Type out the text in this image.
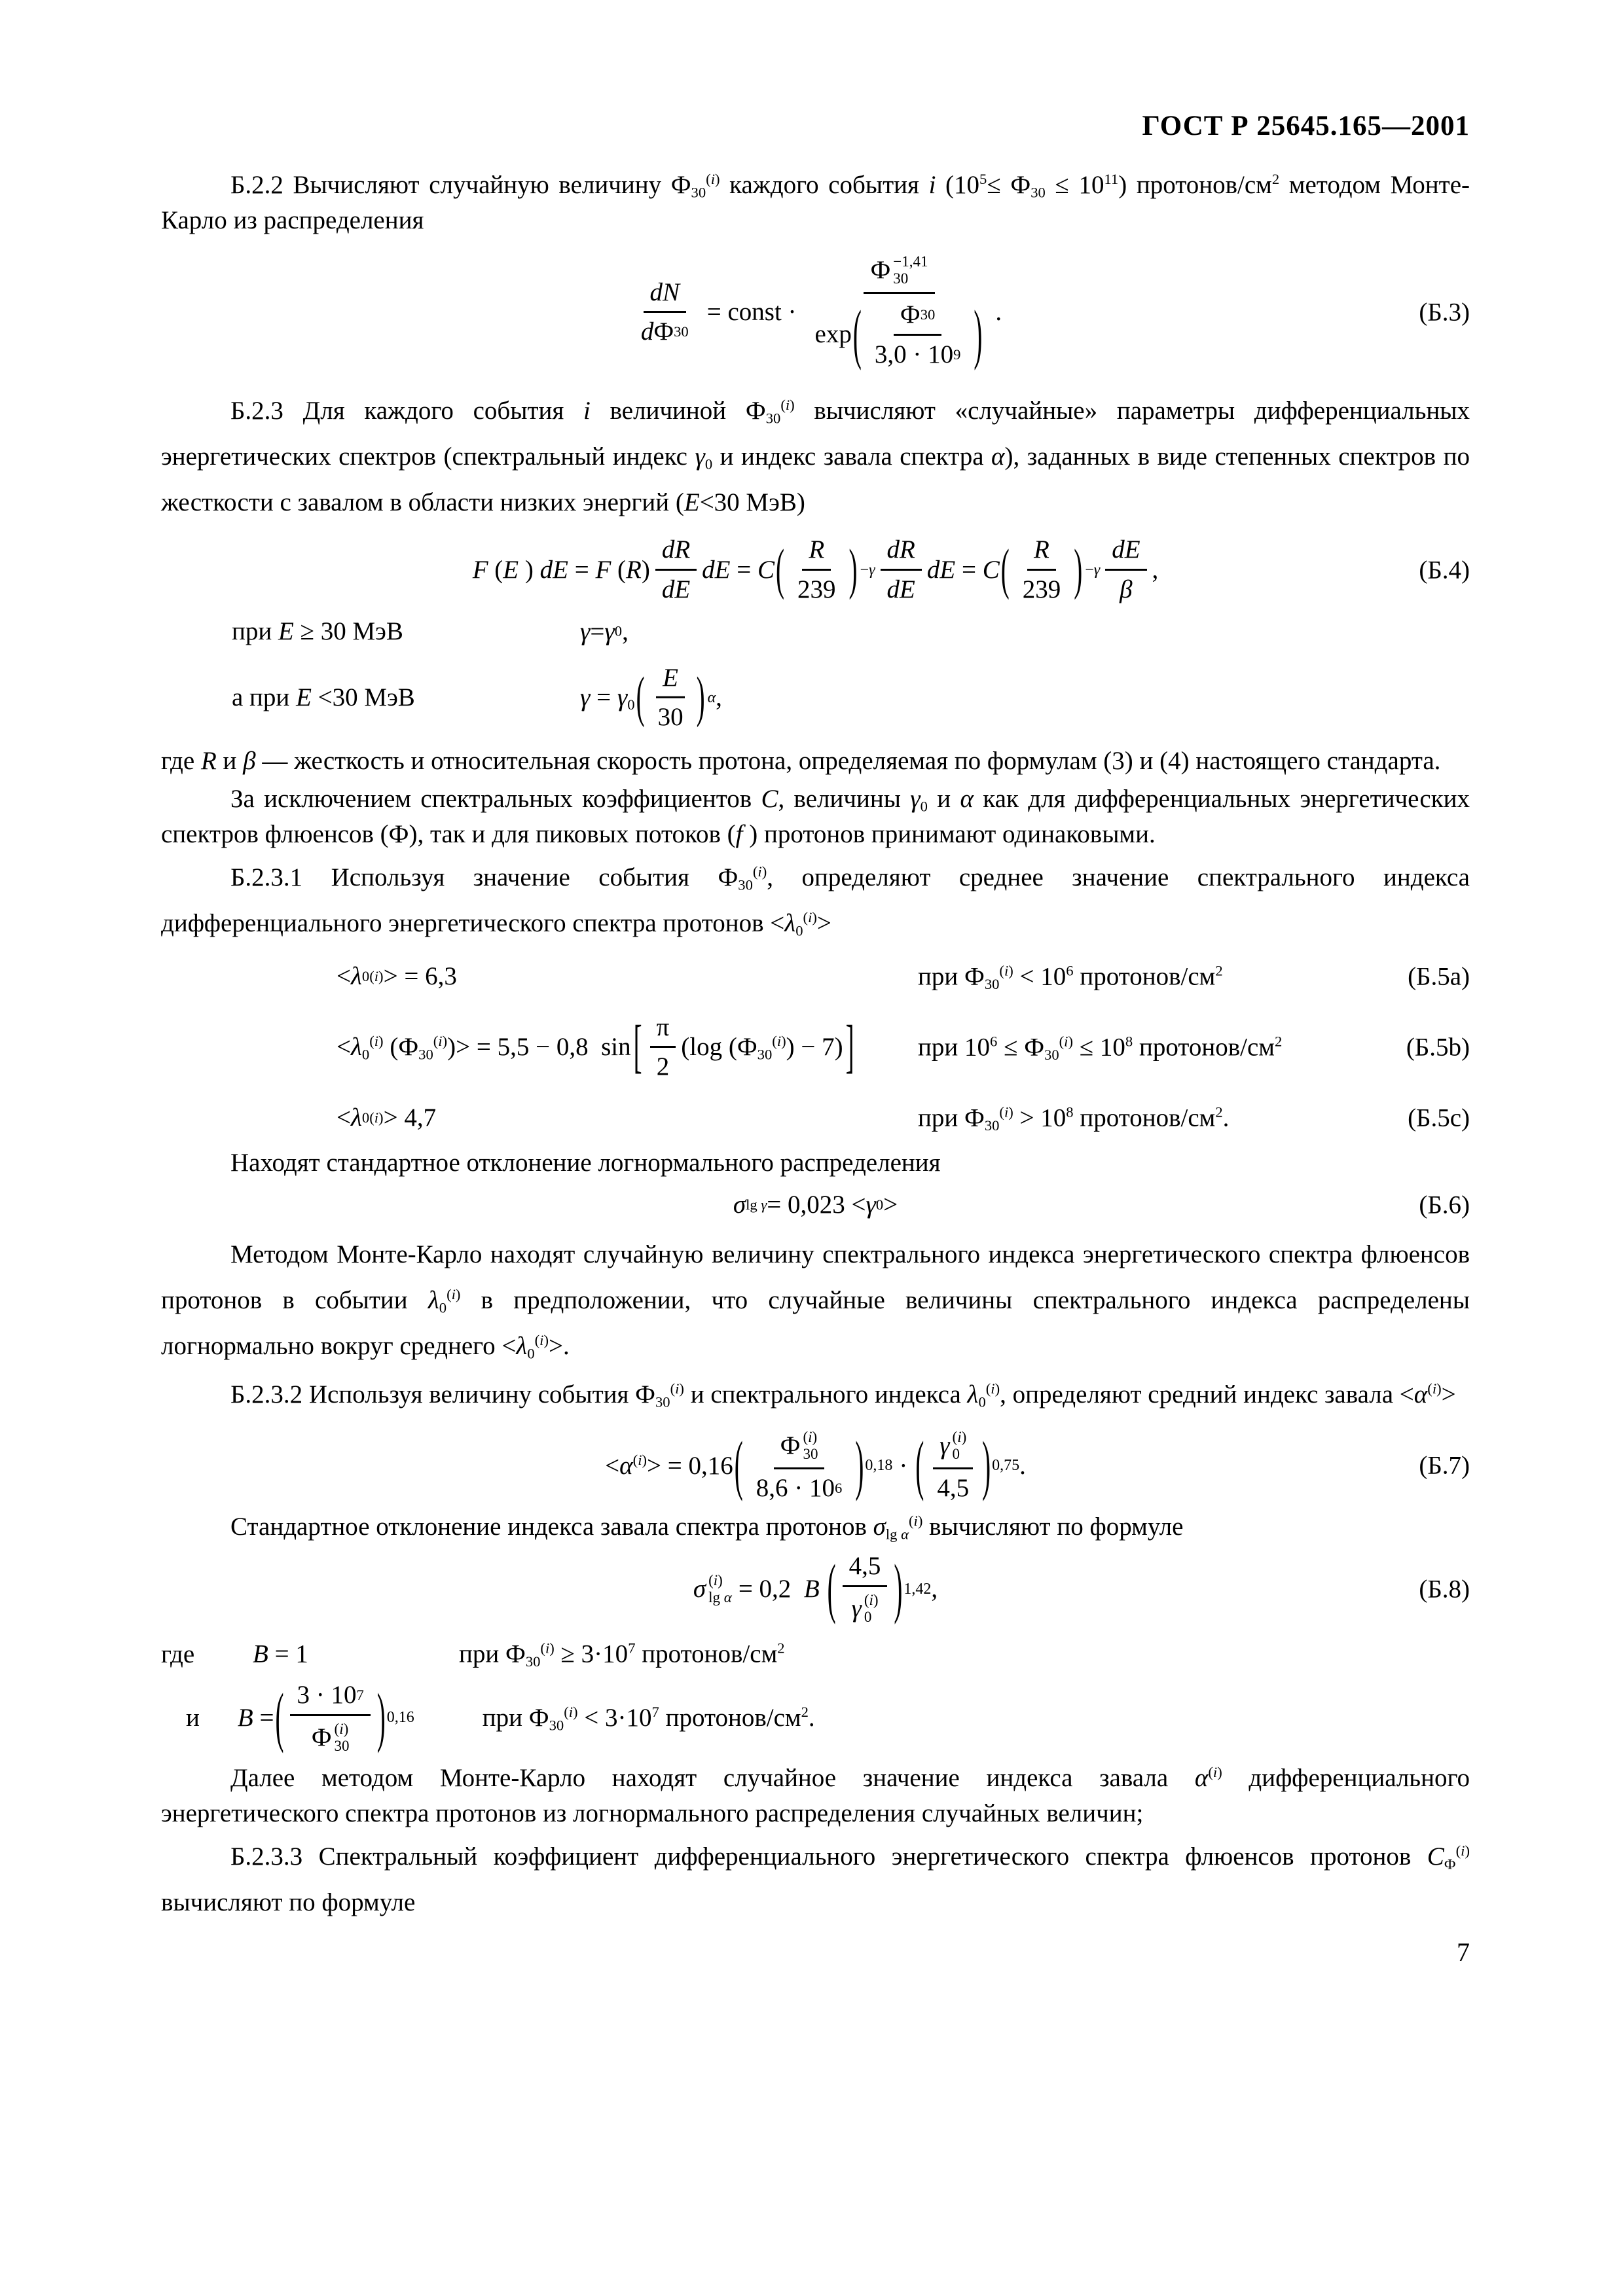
ГОСТ Р 25645.165—2001

Б.2.2 Вычисляют случайную величину $Ф_{30}^{(i)}$ каждого события i $(10^5\le Ф_{30} \le 10^{11})$ протонов/$см^2$ методом Монте-Карло из распределения

$\frac{dN}{\text{d Ф 30}}$ = const ·
Ф −1,41
30
exp ( $\frac{Ф 30}{3,0 \cdot 10 9}$ ) .	(Б.3)

Б.2.3 Для каждого события i величиной $Ф_{30}^{(i)}$ вычисляют «случайные» параметры дифференциальных энергетических спектров (спектральный индекс $\gamma_0$ и индекс завала спектра α), заданных в виде степенных спектров по жесткости с завалом в области низких энергий (E<30 МэВ)

F (E ) dE = F $(R) \frac{dR}{dE}$ dE = C ( $\frac{R}{239}$ ) $-\gamma \frac{dR}{dE}$ dE = C ( $\frac{R}{239}$ ) $-\gamma \frac{dE}{\beta}$ ,	(Б.4)
при E ≥ 30 МэВ	γ = γ 0 ,
а при E <30 МэВ	$\gamma = \gamma_0$ ( $\frac{E}{30}$ ) α ,

где R и β — жесткость и относительная скорость протона, определяемая по формулам (3) и (4) настоящего стандарта.

За исключением спектральных коэффициентов C, величины $\gamma_0$ и α как для дифференциальных энергетических спектров флюенсов (Ф), так и для пиковых потоков (f ) протонов принимают одинаковыми.

Б.2.3.1 Используя значение события $Ф_{30}^{(i)}$, определяют среднее значение спектрального индекса дифференциального энергетического спектра протонов $<\lambda_0^{(i)}>$

< λ 0 (i) > = 6,3	при $Ф_{30}^{(i)} < 10^6$ протонов/$см^2$	(Б.5a)
$<\lambda_0^{(i)}$ $(Ф_{30}^{(i)})> = 5,5 - 0,8$  sin [ $\frac{\pi}{2} (\log$ $(Ф_{30}^{(i)}) - 7$) ] при $10^6 \le Ф_{30}^{(i)} \le 10^8$ протонов/$см^2$	(Б.5b)
< λ 0 (i) > 4,7	при $Ф_{30}^{(i)} > 10^8$ протонов/$см^2$.	(Б.5c)

Находят стандартное отклонение логнормального распределения

σ lg γ = 0,023 < γ 0 >	(Б.6)

Методом Монте-Карло находят случайную величину спектрального индекса энергетического спектра флюенсов протонов в событии $\lambda_0^{(i)}$ в предположении, что случайные величины спектрального индекса распределены логнормально вокруг среднего $<\lambda_0^{(i)}>$.

Б.2.3.2 Используя величину события $Ф_{30}^{(i)}$ и спектрального индекса $\lambda_0^{(i)}$, определяют средний индекс завала $<\alpha^{(i)}>$

$<\alpha^{(i)}> = 0,16$ ( Ф (i)
30
8,6 · 10 6 ) 0,18 · ( γ (i)
0
4,5 ) 0,75 .	(Б.7)

Стандартное отклонение индекса завала спектра протонов $\sigma_{lg \alpha}^{(i)}$ вычисляют по формуле

σ (i)
lg α = 0,2  B ( 4,5
γ (i)
0 ) 1,42 ,	(Б.8)
где B = 1	при $Ф_{30}^{(i)} \ge 3\cdot 10^7$ протонов/$см^2$
и B = ( 3 · 10 7
Ф (i)
30 ) 0,16	при $Ф_{30}^{(i)} < 3\cdot 10^7$ протонов/$см^2$.

Далее методом Монте-Карло находят случайное значение индекса завала $\alpha^{(i)}$ дифференциального энергетического спектра протонов из логнормального распределения случайных величин;

Б.2.3.3 Спектральный коэффициент дифференциального энергетического спектра флюенсов протонов $C_Ф^{(i)}$ вычисляют по формуле

7
